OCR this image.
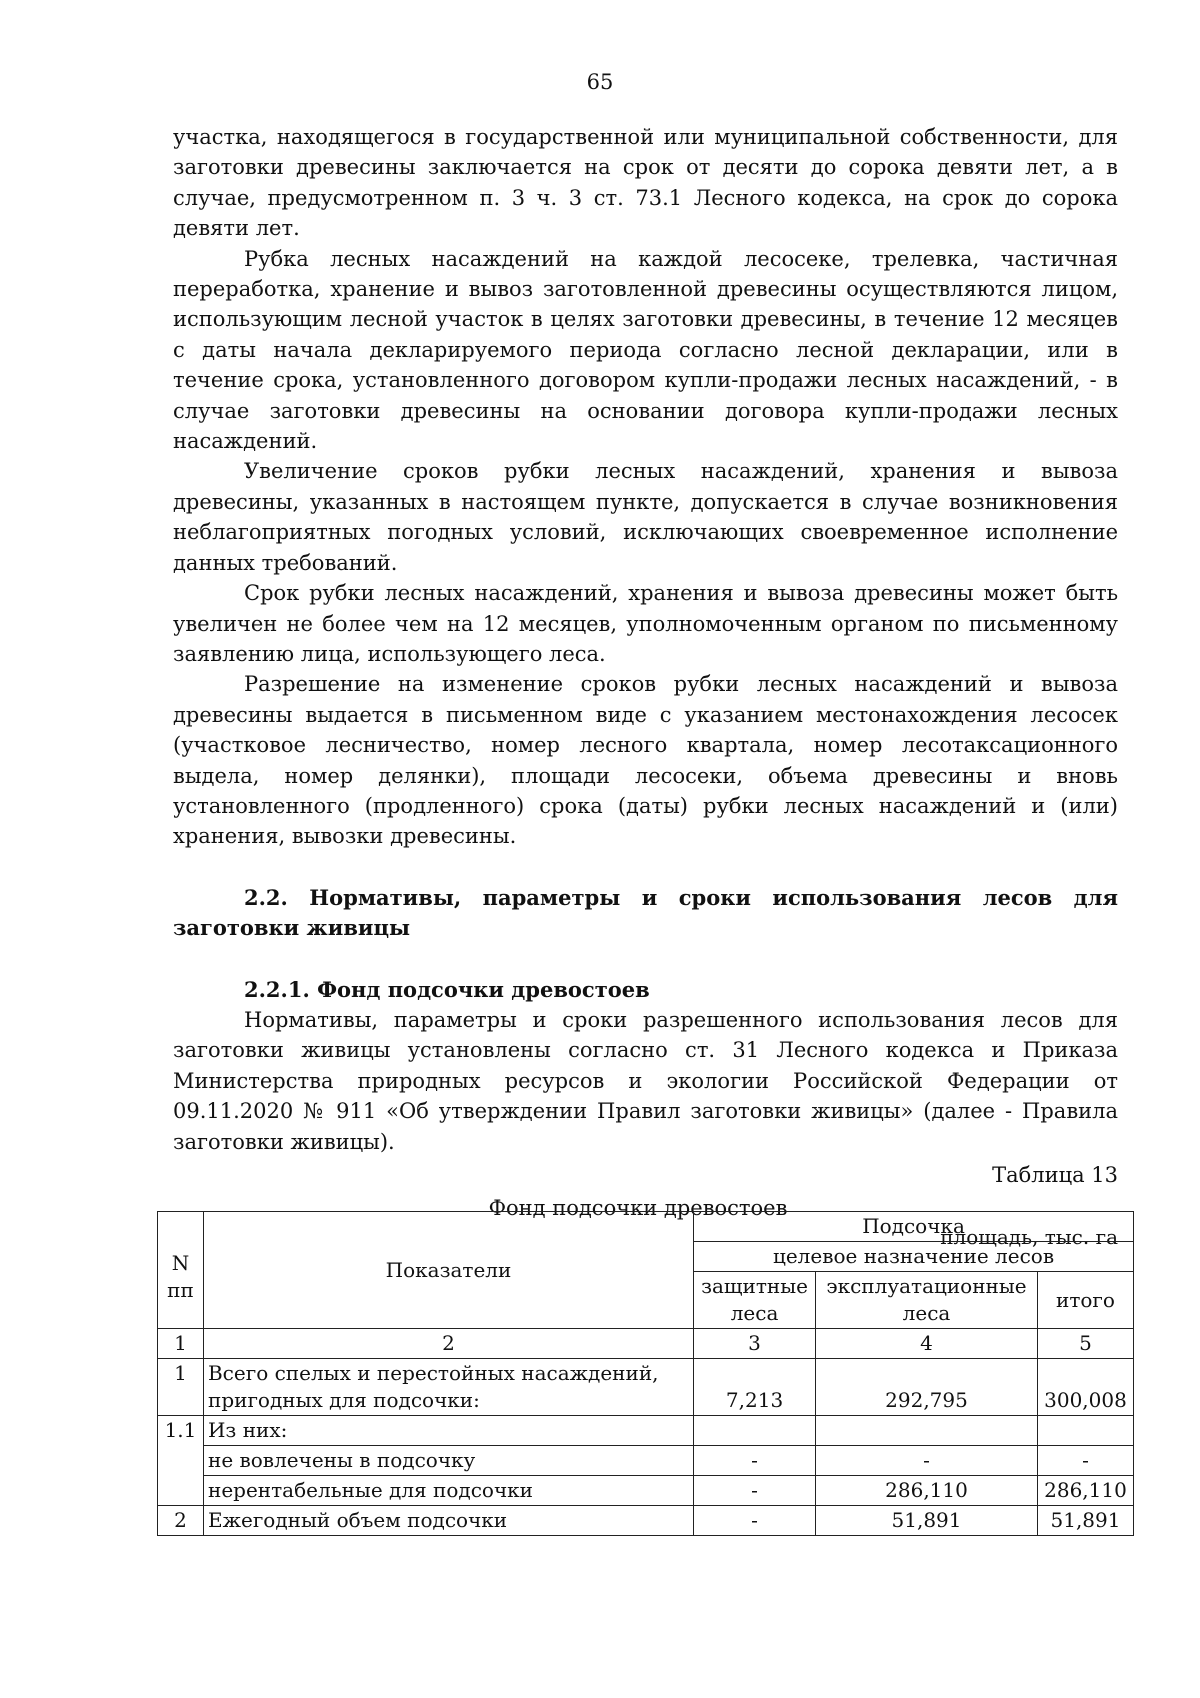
65

участка, находящегося в государственной или муниципальной собственности, для заготовки древесины заключается на срок от десяти до сорока девяти лет, а в случае, предусмотренном п. 3 ч. 3 ст. 73.1 Лесного кодекса, на срок до сорока девяти лет.

Рубка лесных насаждений на каждой лесосеке, трелевка, частичная переработка, хранение и вывоз заготовленной древесины осуществляются лицом, использующим лесной участок в целях заготовки древесины, в течение 12 месяцев с даты начала декларируемого периода согласно лесной декларации, или в течение срока, установленного договором купли-продажи лесных насаждений, - в случае заготовки древесины на основании договора купли-продажи лесных насаждений.

Увеличение сроков рубки лесных насаждений, хранения и вывоза древесины, указанных в настоящем пункте, допускается в случае возникновения неблагоприятных погодных условий, исключающих своевременное исполнение данных требований.

Срок рубки лесных насаждений, хранения и вывоза древесины может быть увеличен не более чем на 12 месяцев, уполномоченным органом по письменному заявлению лица, использующего леса.

Разрешение на изменение сроков рубки лесных насаждений и вывоза древесины выдается в письменном виде с указанием местонахождения лесосек (участковое лесничество, номер лесного квартала, номер лесотаксационного выдела, номер делянки), площади лесосеки, объема древесины и вновь установленного (продленного) срока (даты) рубки лесных насаждений и (или) хранения, вывозки древесины.

2.2. Нормативы, параметры и сроки использования лесов для заготовки живицы

2.2.1. Фонд подсочки древостоев

Нормативы, параметры и сроки разрешенного использования лесов для заготовки живицы установлены согласно ст. 31 Лесного кодекса и Приказа Министерства природных ресурсов и экологии Российской Федерации от 09.11.2020 № 911 «Об утверждении Правил заготовки живицы» (далее - Правила заготовки живицы).

Таблица 13

Фонд подсочки древостоев

площадь, тыс. га

N пп	Показатели	Подсочка		
		целевое назначение лесов		
		защитные леса	эксплуатационные леса	итого
1	2	3	4	5
1	Всего спелых и перестойных насаждений, пригодных для подсочки:	7,213	292,795	300,008
1.1	Из них:			
	не вовлечены в подсочку	-	-	-
	нерентабельные для подсочки	-	286,110	286,110
2	Ежегодный объем подсочки	-	51,891	51,891
